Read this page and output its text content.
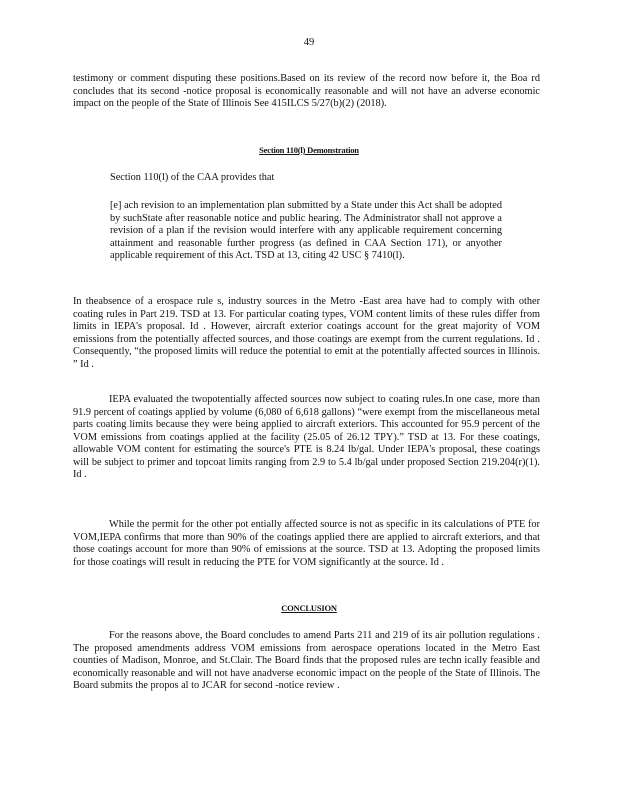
49

testimony or comment disputing these positions.Based on its review of the record now before it, the Boa rd concludes that its second -notice proposal is economically reasonable and will not have an adverse economic impact on the people of the State of Illinois See 415ILCS 5/27(b)(2) (2018).

Section 110(l) Demonstration
Section 110(l) of the CAA provides that

[e] ach revision to an implementation plan submitted by a State under this Act shall be adopted by suchState after reasonable notice and public hearing. The Administrator shall not approve a revision of a plan if the revision would interfere with any applicable requirement concerning attainment and reasonable further progress (as defined in CAA Section 171), or anyother applicable requirement of this Act. TSD at 13, citing 42 USC § 7410(l).

In theabsence of a erospace rule s, industry sources in the Metro -East area have had to comply with other coating rules in Part 219. TSD at 13. For particular coating types, VOM content limits of these rules differ from limits in IEPA's proposal. Id . However, aircraft exterior coatings account for the great majority of VOM emissions from the potentially affected sources, and those coatings are exempt from the current regulations. Id . Consequently, “the proposed limits will reduce the potential to emit at the potentially affected sources in Illinois. ” Id .

IEPA evaluated the twopotentially affected sources now subject to coating rules.In one case, more than 91.9 percent of coatings applied by volume (6,080 of 6,618 gallons) “were exempt from the miscellaneous metal parts coating limits because they were being applied to aircraft exteriors. This accounted for 95.9 percent of the VOM emissions from coatings applied at the facility (25.05 of 26.12 TPY).” TSD at 13. For these coatings, allowable VOM content for estimating the source's PTE is 8.24 lb/gal. Under IEPA's proposal, these coatings will be subject to primer and topcoat limits ranging from 2.9 to 5.4 lb/gal under proposed Section 219.204(r)(1). Id .

While the permit for the other pot entially affected source is not as specific in its calculations of PTE for VOM,IEPA confirms that more than 90% of the coatings applied there are applied to aircraft exteriors, and that those coatings account for more than 90% of emissions at the source. TSD at 13. Adopting the proposed limits for those coatings will result in reducing the PTE for VOM significantly at the source. Id .

CONCLUSION

For the reasons above, the Board concludes to amend Parts 211 and 219 of its air pollution regulations . The proposed amendments address VOM emissions from aerospace operations located in the Metro East counties of Madison, Monroe, and St.Clair. The Board finds that the proposed rules are techn ically feasible and economically reasonable and will not have anadverse economic impact on the people of the State of Illinois. The Board submits the propos al to JCAR for second -notice review .
